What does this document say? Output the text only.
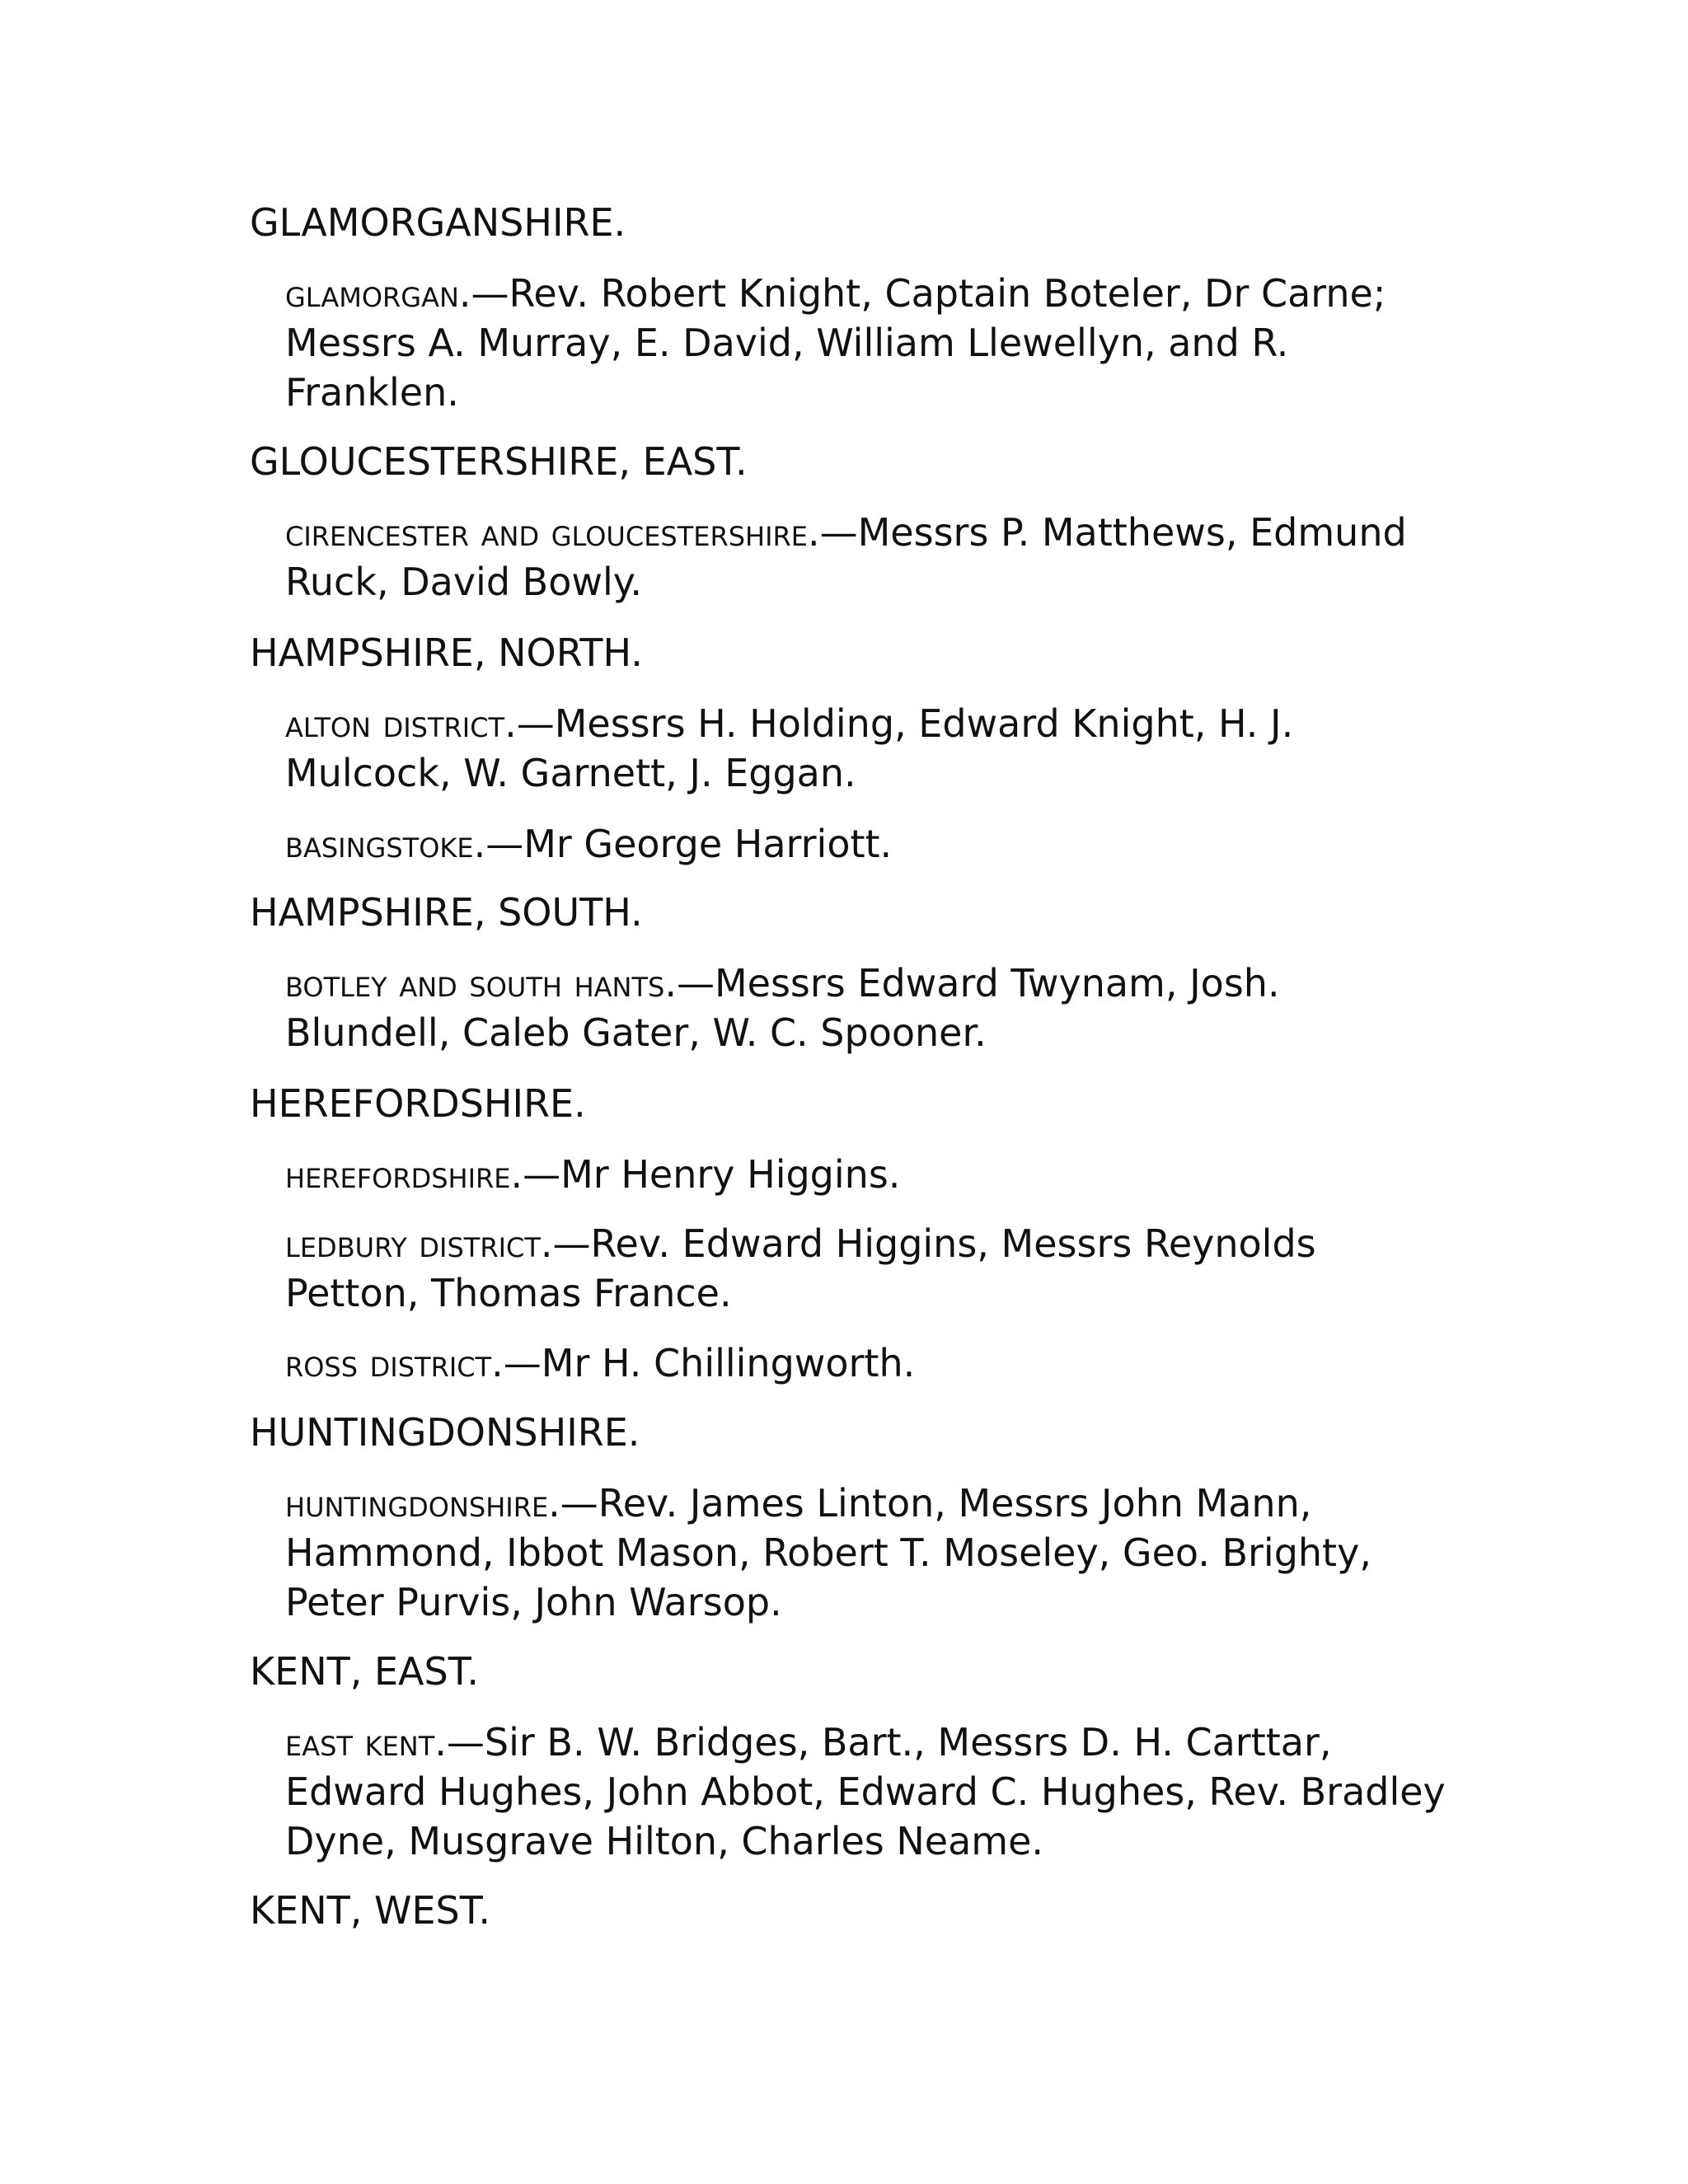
GLAMORGANSHIRE.
glamorgan.—Rev. Robert Knight, Captain Boteler, Dr Carne; Messrs A. Murray, E. David, William Llewellyn, and R. Franklen.
GLOUCESTERSHIRE, EAST.
cirencester and gloucestershire.—Messrs P. Matthews, Edmund Ruck, David Bowly.
HAMPSHIRE, NORTH.
alton district.—Messrs H. Holding, Edward Knight, H. J. Mulcock, W. Garnett, J. Eggan.
basingstoke.—Mr George Harriott.
HAMPSHIRE, SOUTH.
botley and south hants.—Messrs Edward Twynam, Josh. Blundell, Caleb Gater, W. C. Spooner.
HEREFORDSHIRE.
herefordshire.—Mr Henry Higgins.
ledbury district.—Rev. Edward Higgins, Messrs Reynolds Petton, Thomas France.
ross district.—Mr H. Chillingworth.
HUNTINGDONSHIRE.
huntingdonshire.—Rev. James Linton, Messrs John Mann, Hammond, Ibbot Mason, Robert T. Moseley, Geo. Brighty, Peter Purvis, John Warsop.
KENT, EAST.
east kent.—Sir B. W. Bridges, Bart., Messrs D. H. Carttar, Edward Hughes, John Abbot, Edward C. Hughes, Rev. Bradley Dyne, Musgrave Hilton, Charles Neame.
KENT, WEST.
